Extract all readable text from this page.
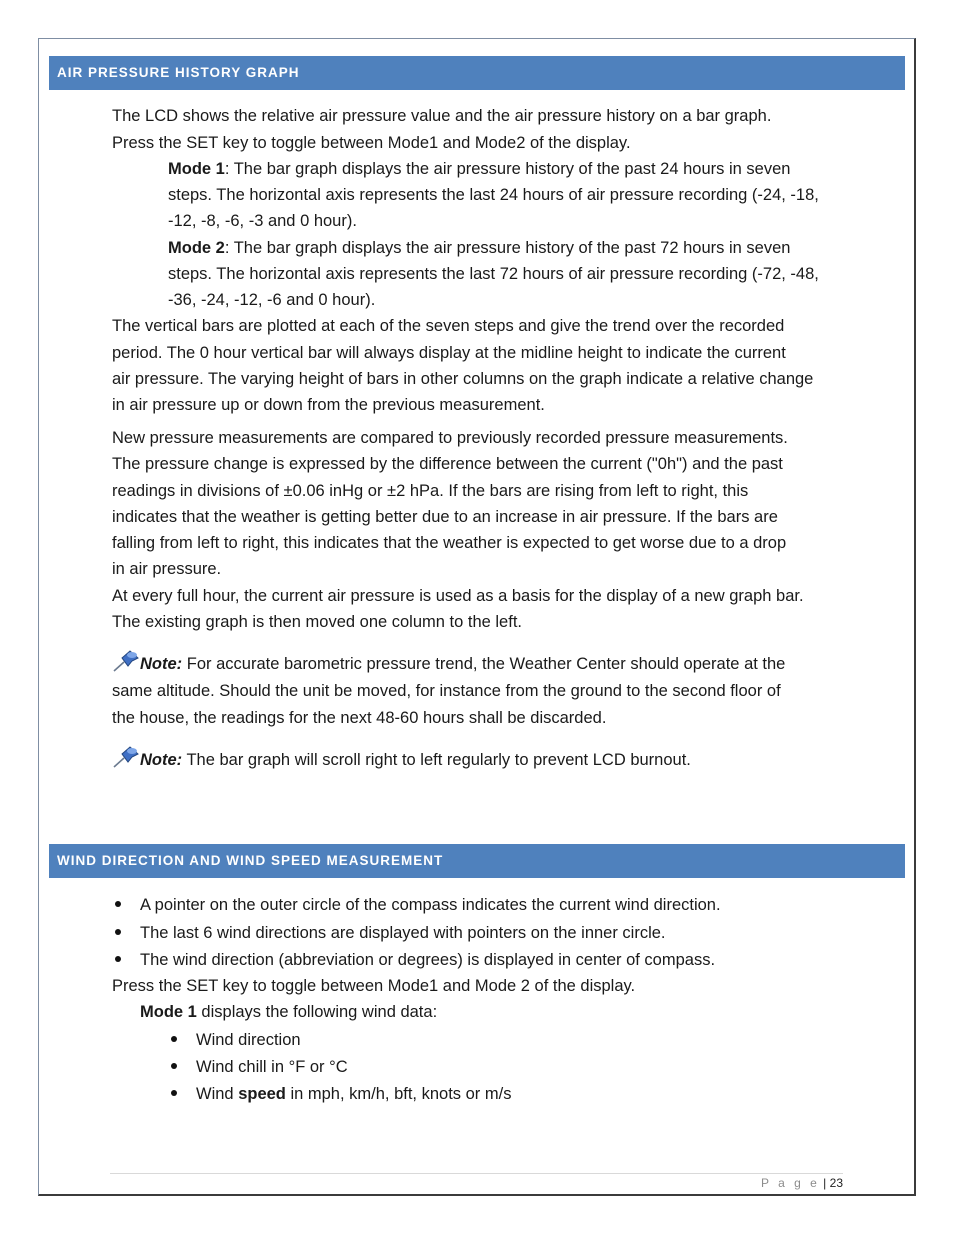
AIR PRESSURE HISTORY GRAPH

The LCD shows the relative air pressure value and the air pressure history on a bar graph.

Press the SET key to toggle between Mode1 and Mode2 of the display.

Mode 1: The bar graph displays the air pressure history of the past 24 hours in seven

steps. The horizontal axis represents the last 24 hours of air pressure recording (-24, -18,

-12, -8, -6, -3 and 0 hour).

Mode 2: The bar graph displays the air pressure history of the past 72 hours in seven

steps. The horizontal axis represents the last 72 hours of air pressure recording (-72, -48,

-36, -24, -12, -6 and 0 hour).

The vertical bars are plotted at each of the seven steps and give the trend over the recorded

period. The 0 hour vertical bar will always display at the midline height to indicate the current

air pressure. The varying height of bars in other columns on the graph indicate a relative change

in air pressure up or down from the previous measurement.

New pressure measurements are compared to previously recorded pressure measurements.

The pressure change is expressed by the difference between the current ("0h") and the past

readings in divisions of ±0.06 inHg or ±2 hPa. If the bars are rising from left to right, this

indicates that the weather is getting better due to an increase in air pressure. If the bars are

falling from left to right, this indicates that the weather is expected to get worse due to a drop

in air pressure.

At every full hour, the current air pressure is used as a basis for the display of a new graph bar.

The existing graph is then moved one column to the left.

Note: For accurate barometric pressure trend, the Weather Center should operate at the

same altitude. Should the unit be moved, for instance from the ground to the second floor of

the house, the readings for the next 48-60 hours shall be discarded.

Note: The bar graph will scroll right to left regularly to prevent LCD burnout.

WIND DIRECTION AND WIND SPEED MEASUREMENT
A pointer on the outer circle of the compass indicates the current wind direction.
The last 6 wind directions are displayed with pointers on the inner circle.
The wind direction (abbreviation or degrees) is displayed in center of compass.

Press the SET key to toggle between Mode1 and Mode 2 of the display.

Mode 1 displays the following wind data:

Wind direction
Wind chill in °F or °C
Wind speed in mph, km/h, bft, knots or m/s
P a g e | 23
